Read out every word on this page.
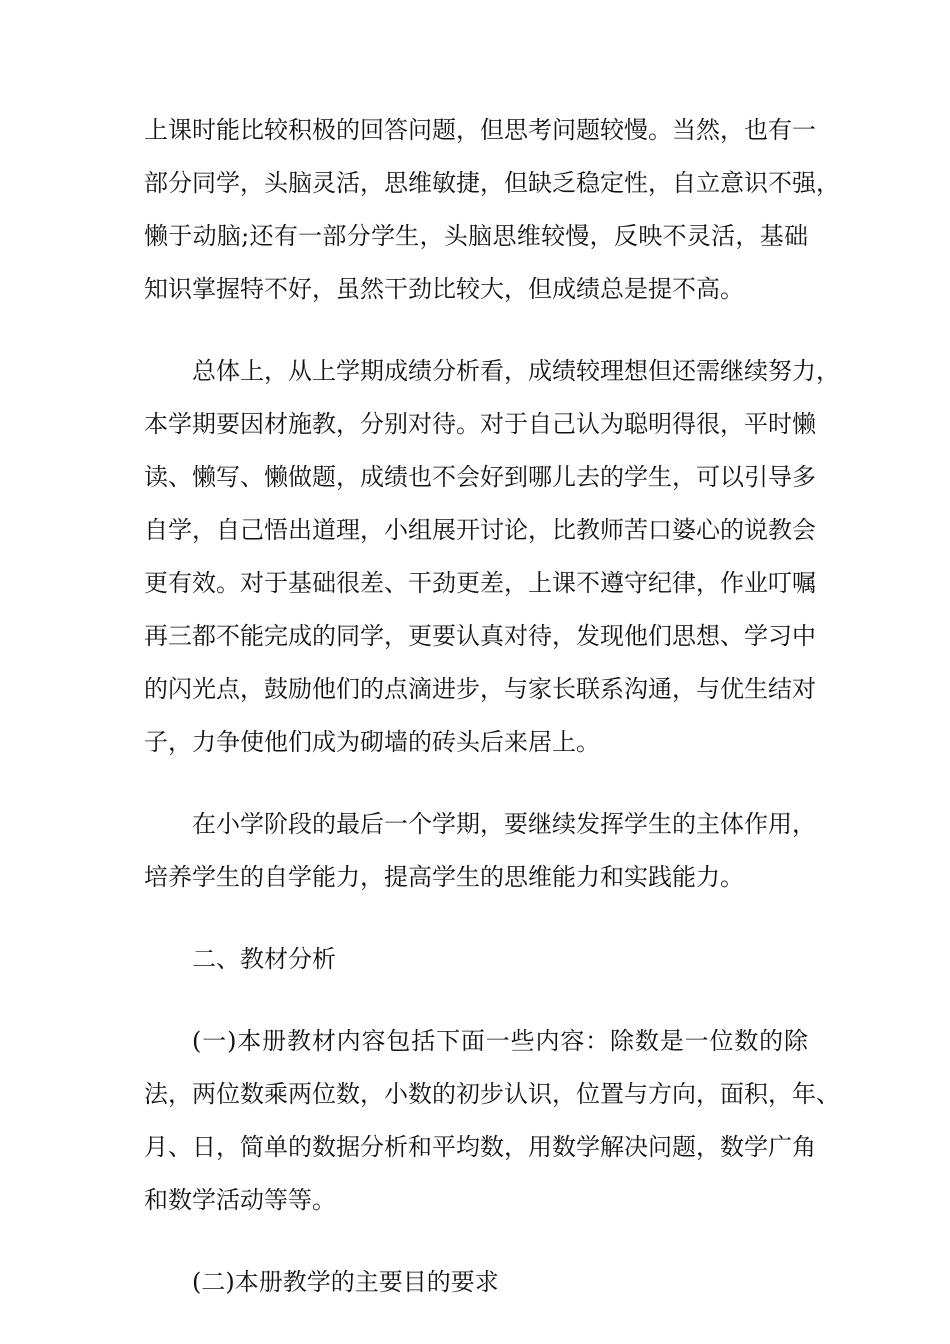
上课时能比较积极的回答问题，但思考问题较慢。当然，也有一
部分同学，头脑灵活，思维敏捷，但缺乏稳定性，自立意识不强，
懒于动脑;还有一部分学生，头脑思维较慢，反映不灵活，基础
知识掌握特不好，虽然干劲比较大，但成绩总是提不高。
总体上，从上学期成绩分析看，成绩较理想但还需继续努力，
本学期要因材施教，分别对待。对于自己认为聪明得很，平时懒
读、懒写、懒做题，成绩也不会好到哪儿去的学生，可以引导多
自学，自己悟出道理，小组展开讨论，比教师苦口婆心的说教会
更有效。对于基础很差、干劲更差，上课不遵守纪律，作业叮嘱
再三都不能完成的同学，更要认真对待，发现他们思想、学习中
的闪光点，鼓励他们的点滴进步，与家长联系沟通，与优生结对
子，力争使他们成为砌墙的砖头后来居上。
在小学阶段的最后一个学期，要继续发挥学生的主体作用，
培养学生的自学能力，提高学生的思维能力和实践能力。
二、教材分析
(一)本册教材内容包括下面一些内容：除数是一位数的除
法，两位数乘两位数，小数的初步认识，位置与方向，面积，年、
月、日，简单的数据分析和平均数，用数学解决问题，数学广角
和数学活动等等。
(二)本册教学的主要目的要求
